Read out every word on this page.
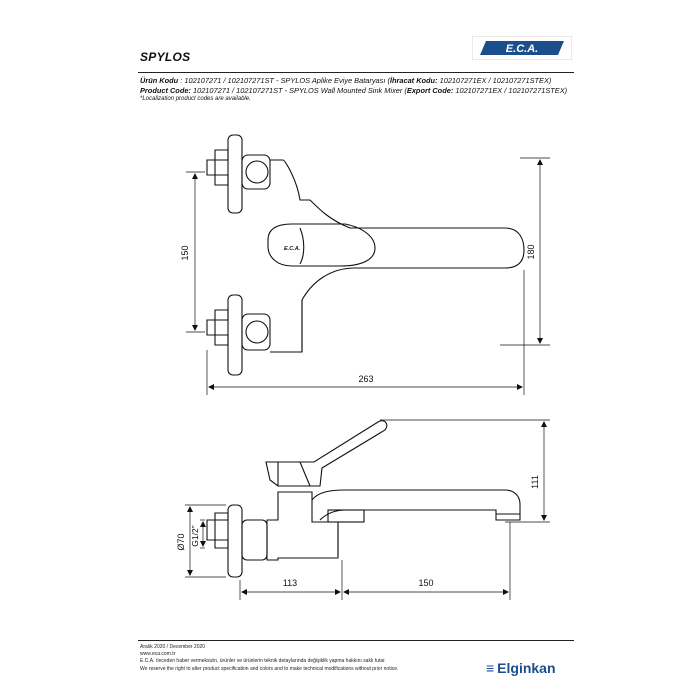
SPYLOS
E.C.A.
Ürün Kodu : 102107271 / 102107271ST - SPYLOS Aplike Eviye Bataryası (İhracat Kodu: 102107271EX / 102107271STEX)
Product Code: 102107271 / 102107271ST - SPYLOS Wall Mounted Sink Mixer (Export Code: 102107271EX / 102107271STEX)
*Localization product codes are available.
E.C.A.
150	180
263
111
Ø70 G1/2"
113	150
Aralık 2020 / December 2020
www.eca.com.tr
E.C.A. önceden haber vermeksizin, ürünler ve ürünlerin teknik detaylarında değişiklik yapma hakkını saklı tutar.
We reserve the right to alter product specification and colors and to make technical modifications without prior notice.	≡ Elginkan
